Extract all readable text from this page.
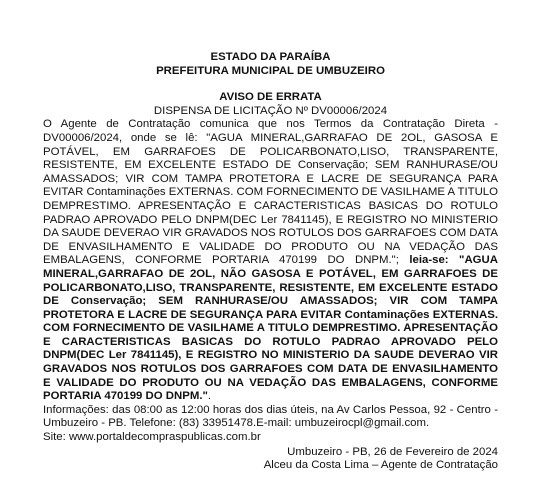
ESTADO DA PARAÍBA
PREFEITURA MUNICIPAL DE UMBUZEIRO
AVISO DE ERRATA
DISPENSA DE LICITAÇÃO Nº DV00006/2024
O Agente de Contratação comunica que nos Termos da Contratação Direta - DV00006/2024, onde se lê: "AGUA MINERAL,GARRAFAO DE 2OL, GASOSA E POTÁVEL, EM GARRAFOES DE POLICARBONATO,LISO, TRANSPARENTE, RESISTENTE, EM EXCELENTE ESTADO DE Conservação; SEM RANHURASE/OU AMASSADOS; VIR COM TAMPA PROTETORA E LACRE DE SEGURANÇA PARA EVITAR Contaminações EXTERNAS. COM FORNECIMENTO DE VASILHAME A TITULO DEMPRESTIMO. APRESENTAÇÃO E CARACTERISTICAS BASICAS DO ROTULO PADRAO APROVADO PELO DNPM(DEC Ler 7841145), E REGISTRO NO MINISTERIO DA SAUDE DEVERAO VIR GRAVADOS NOS ROTULOS DOS GARRAFOES COM DATA DE ENVASILHAMENTO E VALIDADE DO PRODUTO OU NA VEDAÇÃO DAS EMBALAGENS, CONFORME PORTARIA 470199 DO DNPM."; leia-se: "AGUA MINERAL,GARRAFAO DE 2OL, NÃO GASOSA E POTÁVEL, EM GARRAFOES DE POLICARBONATO,LISO, TRANSPARENTE, RESISTENTE, EM EXCELENTE ESTADO DE Conservação; SEM RANHURASE/OU AMASSADOS; VIR COM TAMPA PROTETORA E LACRE DE SEGURANÇA PARA EVITAR Contaminações EXTERNAS. COM FORNECIMENTO DE VASILHAME A TITULO DEMPRESTIMO. APRESENTAÇÃO E CARACTERISTICAS BASICAS DO ROTULO PADRAO APROVADO PELO DNPM(DEC Ler 7841145), E REGISTRO NO MINISTERIO DA SAUDE DEVERAO VIR GRAVADOS NOS ROTULOS DOS GARRAFOES COM DATA DE ENVASILHAMENTO E VALIDADE DO PRODUTO OU NA VEDAÇÃO DAS EMBALAGENS, CONFORME PORTARIA 470199 DO DNPM.".
Informações: das 08:00 as 12:00 horas dos dias úteis, na Av Carlos Pessoa, 92 - Centro - Umbuzeiro - PB. Telefone: (83) 33951478.E-mail: umbuzeirocpl@gmail.com.
Site: www.portaldecompraspublicas.com.br
Umbuzeiro - PB, 26 de Fevereiro de 2024
Alceu da Costa Lima – Agente de Contratação
